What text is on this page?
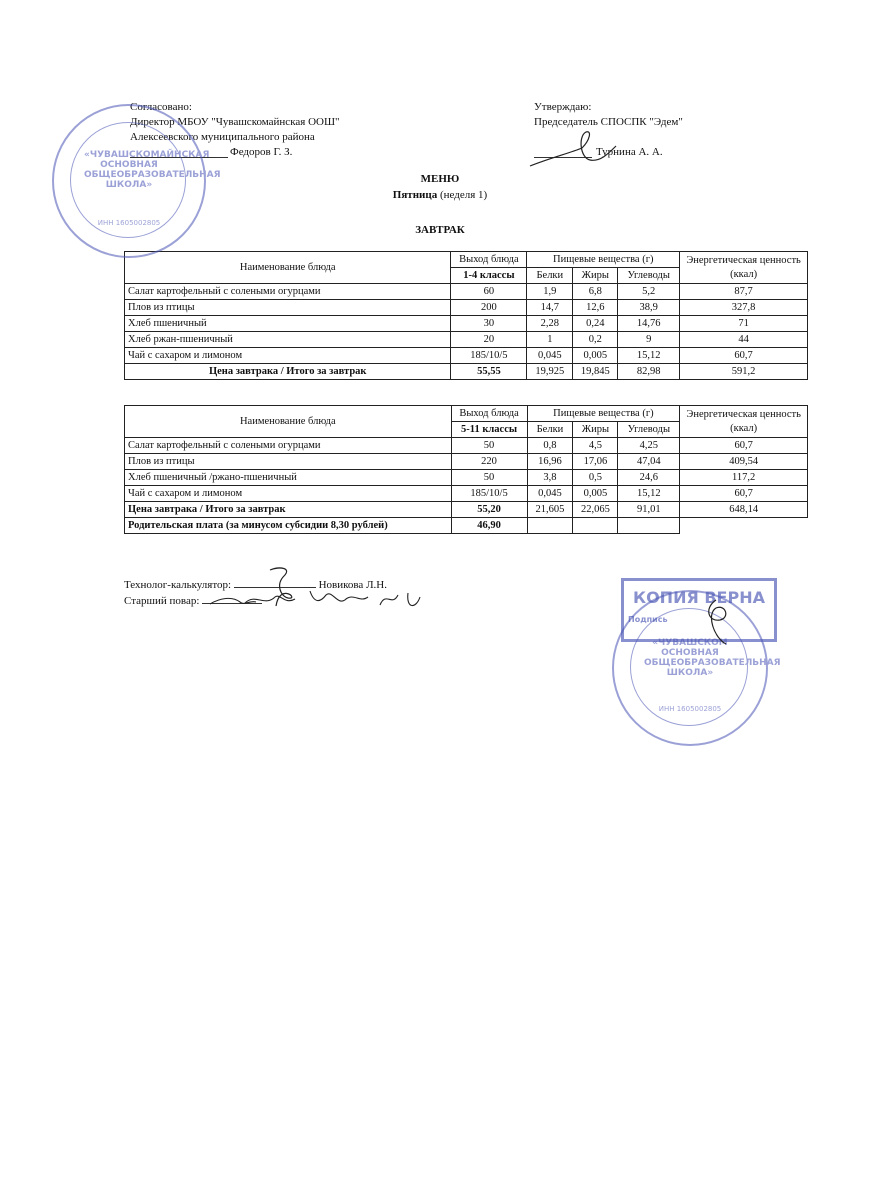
Согласовано:
Директор МБОУ "Чувашскомайнская ООШ"
Алексеевского муниципального района
Федоров Г. З.
Утверждаю:
Председатель СПОСПК "Эдем"
Турнина А. А.
МЕНЮ
Пятница (неделя 1)
ЗАВТРАК
Наименование блюда	Выход блюда	Пищевые вещества (г)			Энергетическая ценность (ккал)
	1-4 классы	Белки	Жиры	Углеводы	
Салат картофельный с солеными огурцами	60	1,9	6,8	5,2	87,7
Плов из птицы	200	14,7	12,6	38,9	327,8
Хлеб пшеничный	30	2,28	0,24	14,76	71
Хлеб ржан-пшеничный	20	1	0,2	9	44
Чай с сахаром и лимоном	185/10/5	0,045	0,005	15,12	60,7
Цена завтрака / Итого за завтрак	55,55	19,925	19,845	82,98	591,2
Наименование блюда	Выход блюда	Пищевые вещества (г)			Энергетическая ценность (ккал)
	5-11 классы	Белки	Жиры	Углеводы	
Салат картофельный с солеными огурцами	50	0,8	4,5	4,25	60,7
Плов из птицы	220	16,96	17,06	47,04	409,54
Хлеб пшеничный /ржано-пшеничный	50	3,8	0,5	24,6	117,2
Чай с сахаром и лимоном	185/10/5	0,045	0,005	15,12	60,7
Цена завтрака / Итого за завтрак	55,20	21,605	22,065	91,01	648,14
Родительская плата (за минусом субсидии 8,30 рублей)	46,90				
Технолог-калькулятор:	Новикова Л.Н.
Старший повар:
«ЧУВАШСКОМАЙНСКАЯ ОСНОВНАЯ ОБЩЕОБРАЗОВАТЕЛЬНАЯ ШКОЛА»
ИНН 1605002805
КОПИЯ ВЕРНА
Подпись
«ЧУВАШСКОМ ОСНОВНАЯ ОБЩЕОБРАЗОВАТЕЛЬНАЯ ШКОЛА»
ИНН 1605002805
